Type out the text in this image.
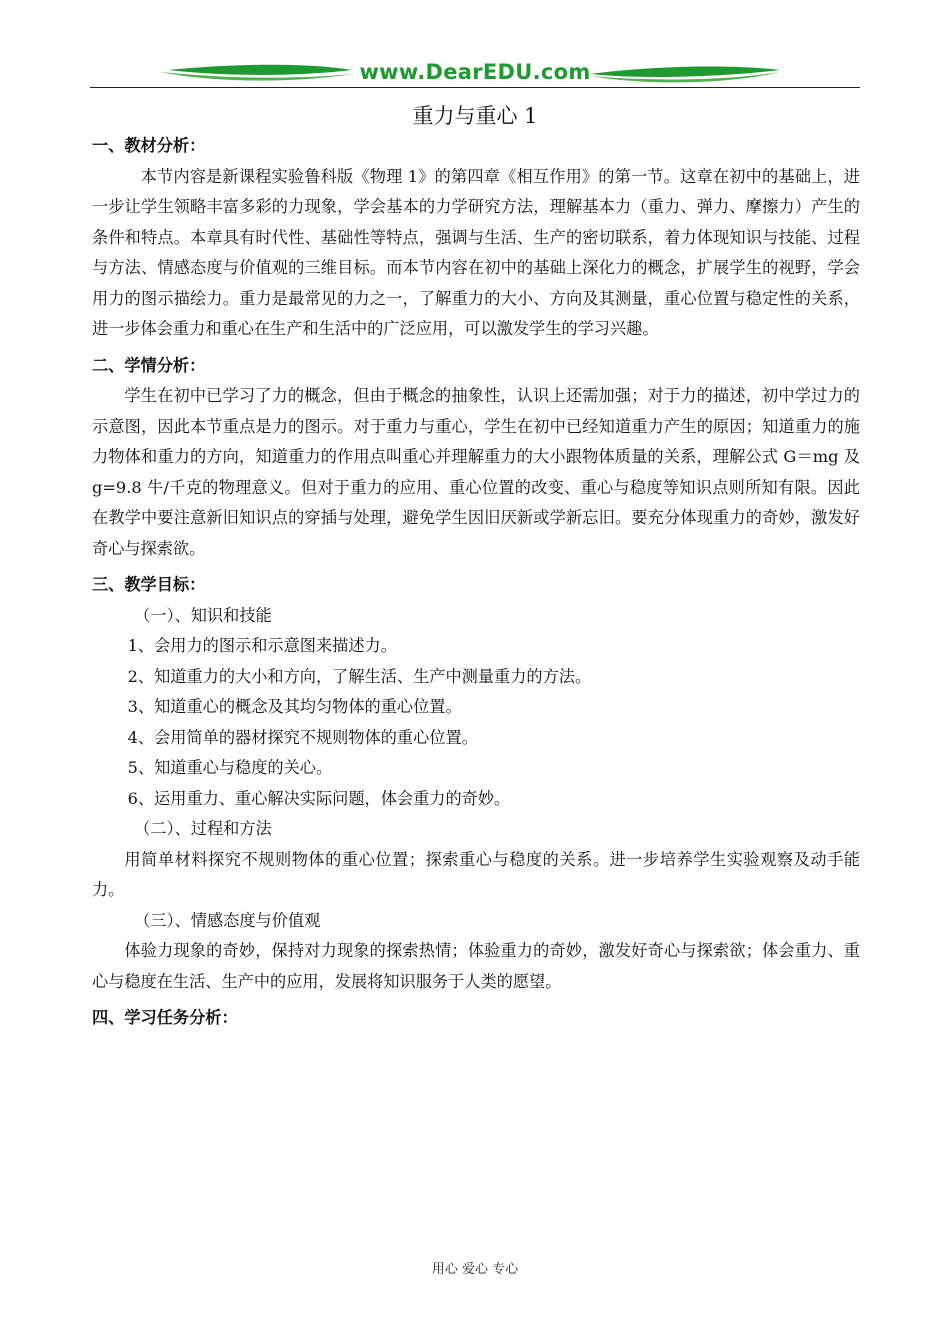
www.DearEDU.com
重力与重心 1

一、教材分析：

本节内容是新课程实验鲁科版《物理 1》的第四章《相互作用》的第一节。这章在初中的基础上，进一步让学生领略丰富多彩的力现象，学会基本的力学研究方法，理解基本力（重力、弹力、摩擦力）产生的条件和特点。本章具有时代性、基础性等特点，强调与生活、生产的密切联系，着力体现知识与技能、过程与方法、情感态度与价值观的三维目标。而本节内容在初中的基础上深化力的概念，扩展学生的视野，学会用力的图示描绘力。重力是最常见的力之一，了解重力的大小、方向及其测量，重心位置与稳定性的关系，进一步体会重力和重心在生产和生活中的广泛应用，可以激发学生的学习兴趣。

二、学情分析：

学生在初中已学习了力的概念，但由于概念的抽象性，认识上还需加强；对于力的描述，初中学过力的示意图，因此本节重点是力的图示。对于重力与重心，学生在初中已经知道重力产生的原因；知道重力的施力物体和重力的方向，知道重力的作用点叫重心并理解重力的大小跟物体质量的关系，理解公式 G＝mg 及 g=9.8 牛/千克的物理意义。但对于重力的应用、重心位置的改变、重心与稳度等知识点则所知有限。因此在教学中要注意新旧知识点的穿插与处理，避免学生因旧厌新或学新忘旧。要充分体现重力的奇妙，激发好奇心与探索欲。

三、教学目标：

（一）、知识和技能

1、会用力的图示和示意图来描述力。

2、知道重力的大小和方向，了解生活、生产中测量重力的方法。

3、知道重心的概念及其均匀物体的重心位置。

4、会用简单的器材探究不规则物体的重心位置。

5、知道重心与稳度的关心。

6、运用重力、重心解决实际问题，体会重力的奇妙。

（二）、过程和方法

用简单材料探究不规则物体的重心位置；探索重心与稳度的关系。进一步培养学生实验观察及动手能力。

（三）、情感态度与价值观

体验力现象的奇妙，保持对力现象的探索热情；体验重力的奇妙，激发好奇心与探索欲；体会重力、重心与稳度在生活、生产中的应用，发展将知识服务于人类的愿望。

四、学习任务分析：

用心 爱心 专心
